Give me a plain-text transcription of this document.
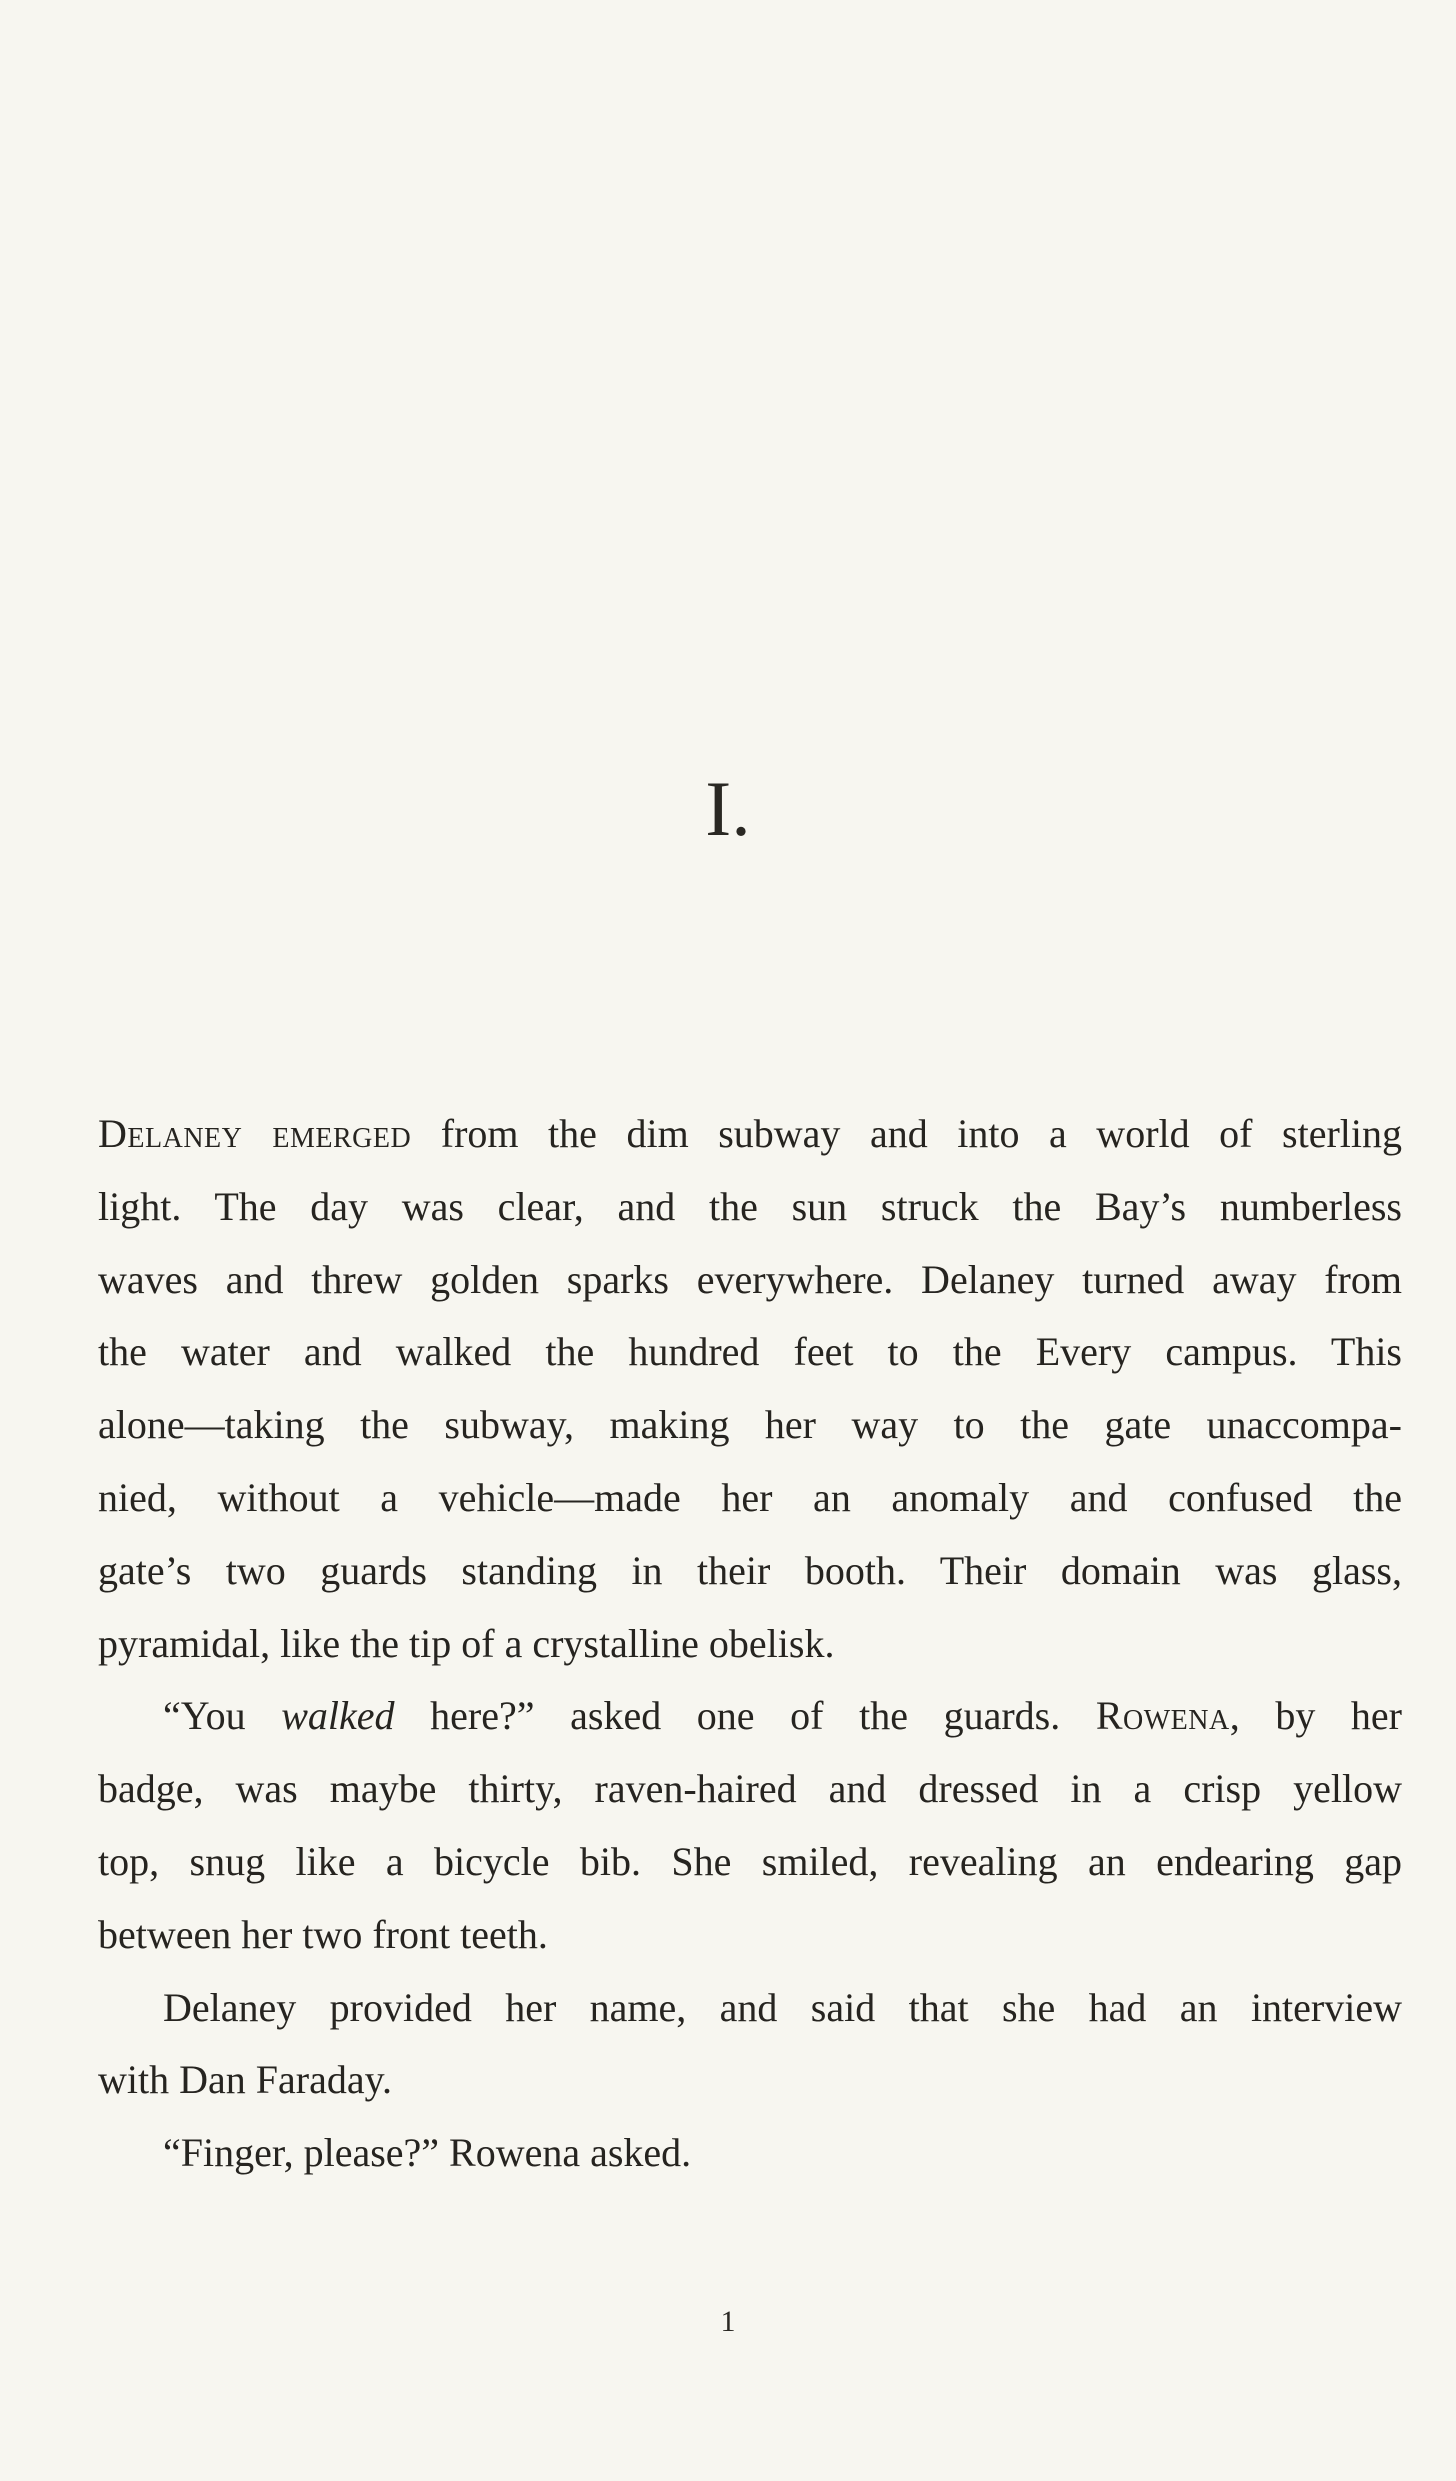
I.

Delaney emerged from the dim subway and into a world of sterling
light. The day was clear, and the sun struck the Bay’s numberless
waves and threw golden sparks everywhere. Delaney turned away from
the water and walked the hundred feet to the Every campus. This
alone—taking the subway, making her way to the gate unaccompa-
nied, without a vehicle—made her an anomaly and confused the
gate’s two guards standing in their booth. Their domain was glass,
pyramidal, like the tip of a crystalline obelisk.

“You walked here?” asked one of the guards. Rowena, by her
badge, was maybe thirty, raven-haired and dressed in a crisp yellow
top, snug like a bicycle bib. She smiled, revealing an endearing gap
between her two front teeth.

Delaney provided her name, and said that she had an interview
with Dan Faraday.

“Finger, please?” Rowena asked.

1
